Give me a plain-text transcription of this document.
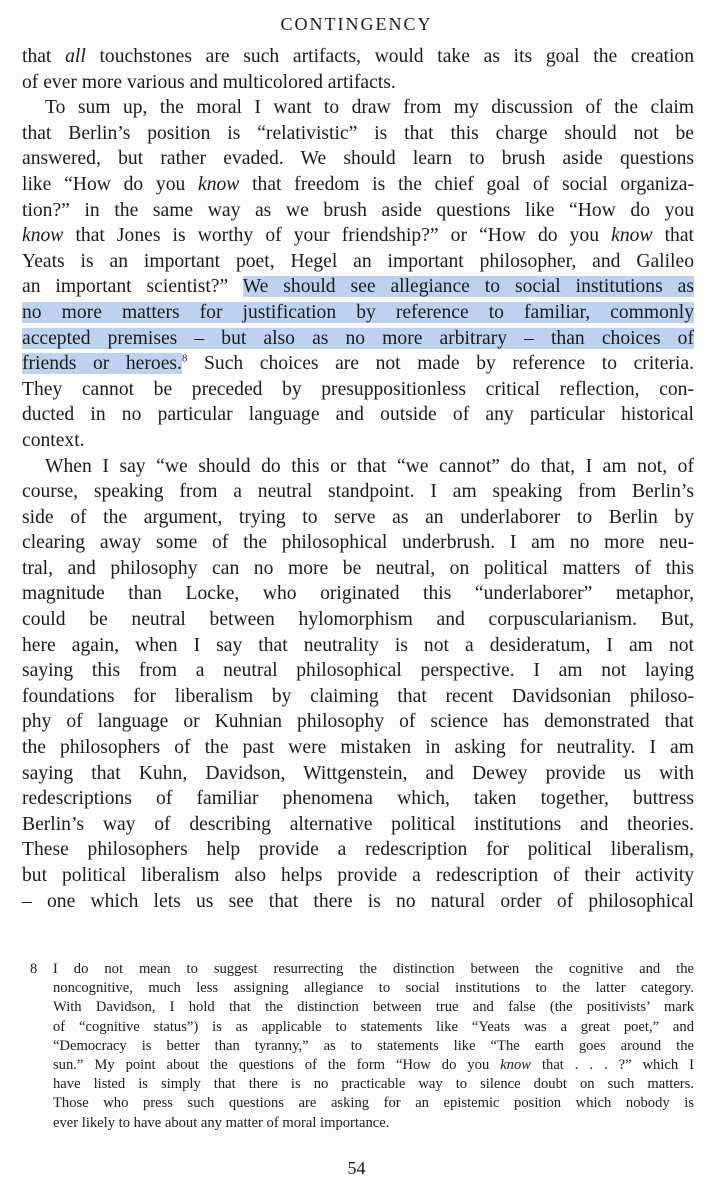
CONTINGENCY
that all touchstones are such artifacts, would take as its goal the creation
of ever more various and multicolored artifacts.
To sum up, the moral I want to draw from my discussion of the claim
that Berlin’s position is “relativistic” is that this charge should not be
answered, but rather evaded. We should learn to brush aside questions
like “How do you know that freedom is the chief goal of social organiza-
tion?” in the same way as we brush aside questions like “How do you
know that Jones is worthy of your friendship?” or “How do you know that
Yeats is an important poet, Hegel an important philosopher, and Galileo
an important scientist?” We should see allegiance to social institutions as
no more matters for justification by reference to familiar, commonly
accepted premises – but also as no more arbitrary – than choices of
friends or heroes.$^8$ Such choices are not made by reference to criteria.
They cannot be preceded by presuppositionless critical reflection, con-
ducted in no particular language and outside of any particular historical
context.
When I say “we should do this or that “we cannot” do that, I am not, of
course, speaking from a neutral standpoint. I am speaking from Berlin’s
side of the argument, trying to serve as an underlaborer to Berlin by
clearing away some of the philosophical underbrush. I am no more neu-
tral, and philosophy can no more be neutral, on political matters of this
magnitude than Locke, who originated this “underlaborer” metaphor,
could be neutral between hylomorphism and corpuscularianism. But,
here again, when I say that neutrality is not a desideratum, I am not
saying this from a neutral philosophical perspective. I am not laying
foundations for liberalism by claiming that recent Davidsonian philoso-
phy of language or Kuhnian philosophy of science has demonstrated that
the philosophers of the past were mistaken in asking for neutrality. I am
saying that Kuhn, Davidson, Wittgenstein, and Dewey provide us with
redescriptions of familiar phenomena which, taken together, buttress
Berlin’s way of describing alternative political institutions and theories.
These philosophers help provide a redescription for political liberalism,
but political liberalism also helps provide a redescription of their activity
– one which lets us see that there is no natural order of philosophical
8	I do not mean to suggest resurrecting the distinction between the cognitive and the
noncognitive, much less assigning allegiance to social institutions to the latter category.
With Davidson, I hold that the distinction between true and false (the positivists’ mark
of “cognitive status”) is as applicable to statements like “Yeats was a great poet,” and
“Democracy is better than tyranny,” as to statements like “The earth goes around the
sun.” My point about the questions of the form “How do you know that . . . ?” which I
have listed is simply that there is no practicable way to silence doubt on such matters.
Those who press such questions are asking for an epistemic position which nobody is
ever likely to have about any matter of moral importance.
54
